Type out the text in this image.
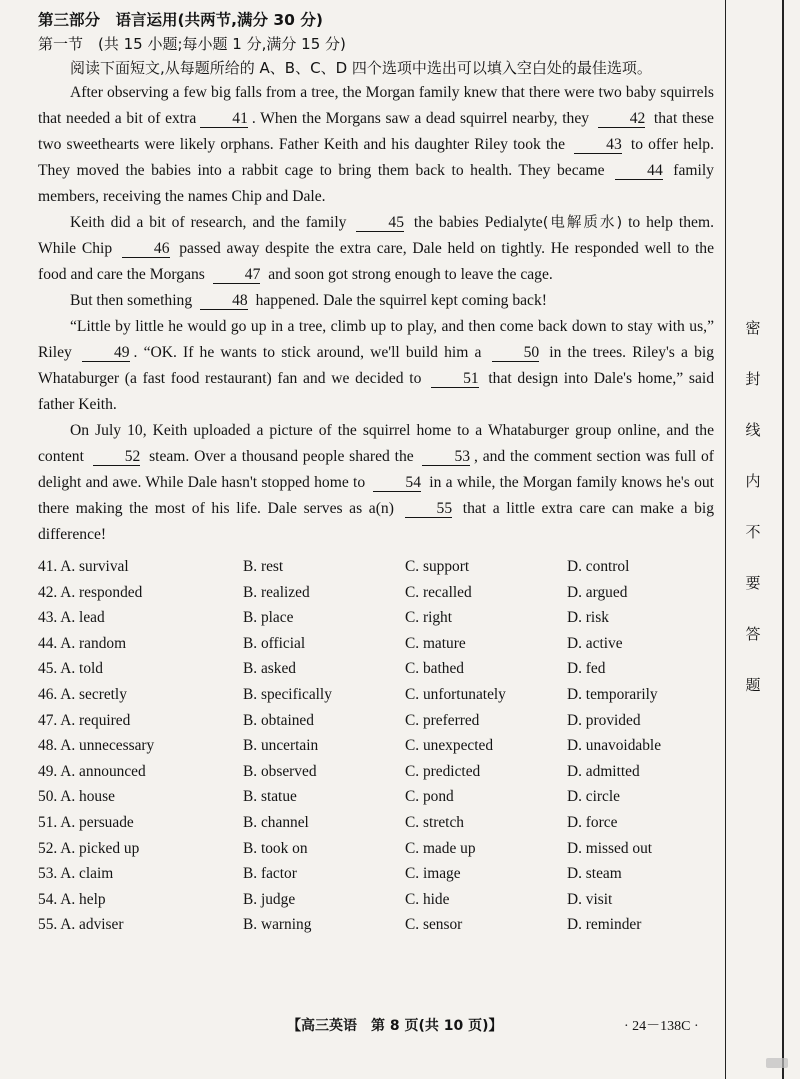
第三部分　语言运用(共两节,满分 30 分)

第一节　(共 15 小题;每小题 1 分,满分 15 分)

阅读下面短文,从每题所给的 A、B、C、D 四个选项中选出可以填入空白处的最佳选项。

After observing a few big falls from a tree, the Morgan family knew that there were two baby squirrels that needed a bit of extra 41 . When the Morgans saw a dead squirrel nearby, they	42 that these two sweethearts were likely orphans. Father Keith and his daughter Riley took the	43 to offer help. They moved the babies into a rabbit cage to bring them back to health. They became	44 family members, receiving the names Chip and Dale.

Keith did a bit of research, and the family	45 the babies Pedialyte(电解质水) to help them. While Chip	46 passed away despite the extra care, Dale held on tightly. He responded well to the food and care the Morgans	47 and soon got strong enough to leave the cage.

But then something	48 happened. Dale the squirrel kept coming back!

“Little by little he would go up in a tree, climb up to play, and then come back down to stay with us,” Riley	49 . “OK. If he wants to stick around, we'll build him a	50 in the trees. Riley's a big Whataburger (a fast food restaurant) fan and we decided to	51 that design into Dale's home,” said father Keith.

On July 10, Keith uploaded a picture of the squirrel home to a Whataburger group online, and the content	52 steam. Over a thousand people shared the	53 , and the comment section was full of delight and awe. While Dale hasn't stopped home to	54 in a while, the Morgan family knows he's out there making the most of his life. Dale serves as a(n)	55 that a little extra care can make a big difference!

41. A. survival	B. rest	C. support	D. control
42. A. responded	B. realized	C. recalled	D. argued
43. A. lead	B. place	C. right	D. risk
44. A. random	B. official	C. mature	D. active
45. A. told	B. asked	C. bathed	D. fed
46. A. secretly	B. specifically	C. unfortunately	D. temporarily
47. A. required	B. obtained	C. preferred	D. provided
48. A. unnecessary	B. uncertain	C. unexpected	D. unavoidable
49. A. announced	B. observed	C. predicted	D. admitted
50. A. house	B. statue	C. pond	D. circle
51. A. persuade	B. channel	C. stretch	D. force
52. A. picked up	B. took on	C. made up	D. missed out
53. A. claim	B. factor	C. image	D. steam
54. A. help	B. judge	C. hide	D. visit
55. A. adviser	B. warning	C. sensor	D. reminder
【高三英语　第 8 页(共 10 页)】	· 24－138C ·
密
封
线
内
不
要
答
题
